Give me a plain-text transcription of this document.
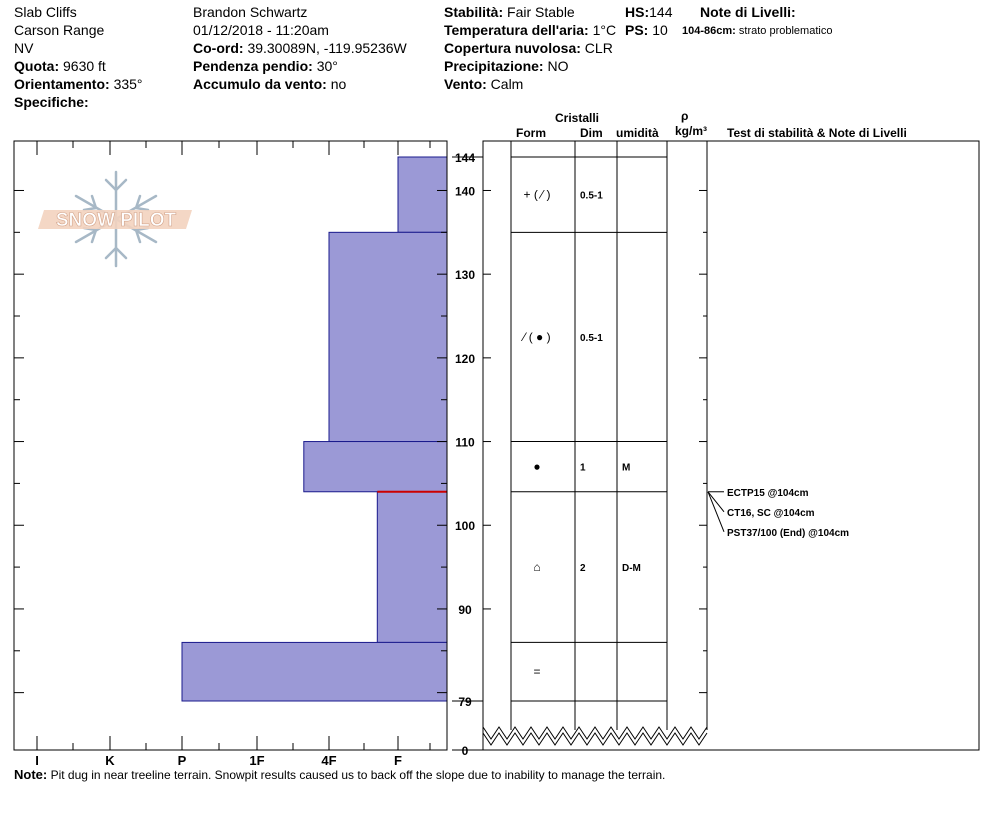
Slab Cliffs
Carson Range
NV
Quota: 9630 ft
Orientamento: 335°
Specifiche:
Brandon Schwartz
01/12/2018 - 11:20am
Co-ord: 39.30089N, -119.95236W
Pendenza pendio: 30°
Accumulo da vento: no
Stabilità: Fair Stable
Temperatura dell'aria: 1°C
Copertura nuvolosa: CLR
Precipitazione: NO
Vento: Calm
HS:144
PS: 10
Note di Livelli:
104-86cm: strato problematico
Cristalli
Form	Dim umidità
ρ
kg/m³ Test di stabilità & Note di Livelli
SNOW PILOT
I	K	P	1F	4F	F
90
100
110
120
130
140
144
79
0
+ ( ⁄ )	0.5-1
⁄ ( ● )	0.5-1
●	1	M
⌂	2	D-M
=
ECTP15 @104cm
CT16, SC @104cm
PST37/100 (End) @104cm
Note: Pit dug in near treeline terrain. Snowpit results caused us to back off the slope due to inability to manage the terrain.
